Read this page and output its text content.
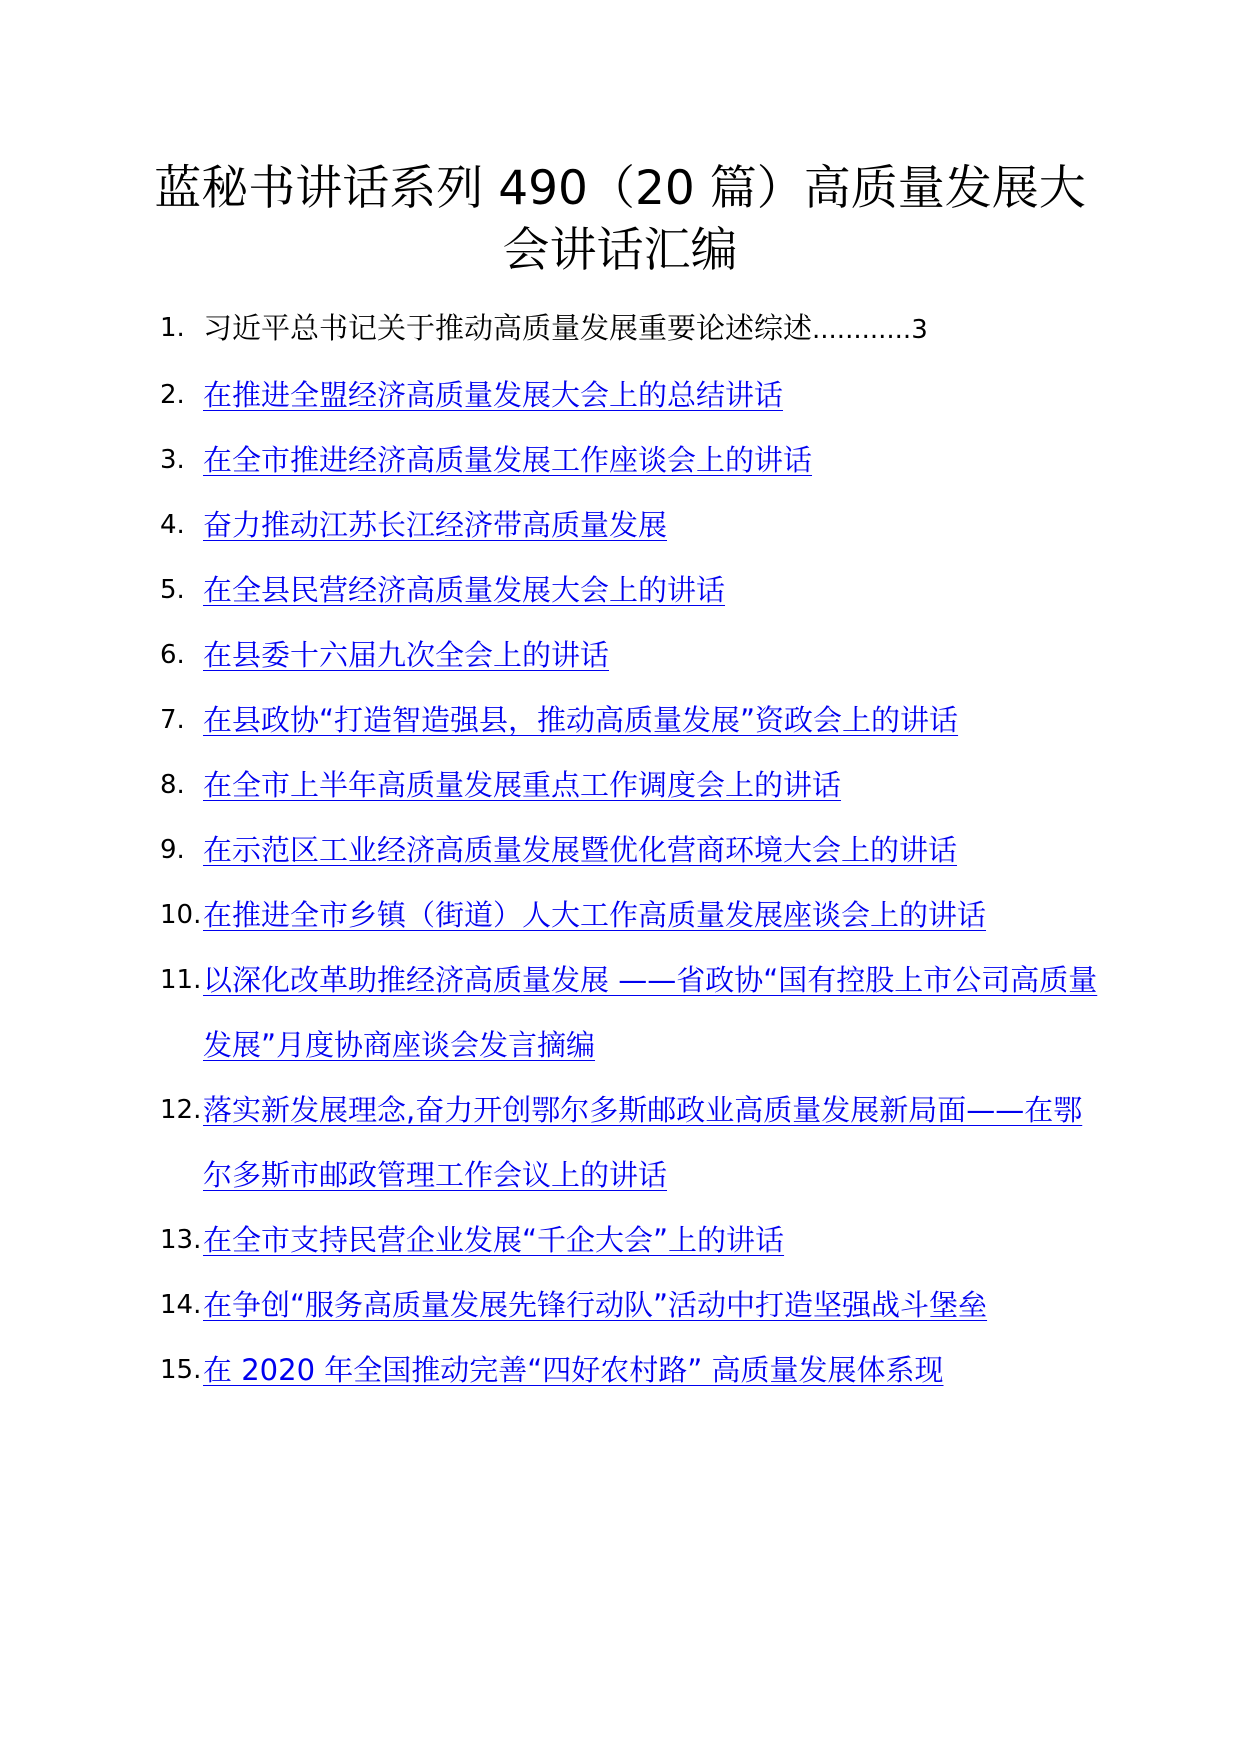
蓝秘书讲话系列 490（20 篇）高质量发展大
会讲话汇编
1. 习近平总书记关于推动高质量发展重要论述综述............3
2. 在推进全盟经济高质量发展大会上的总结讲话
3. 在全市推进经济高质量发展工作座谈会上的讲话
4. 奋力推动江苏长江经济带高质量发展
5. 在全县民营经济高质量发展大会上的讲话
6. 在县委十六届九次全会上的讲话
7. 在县政协“打造智造强县，推动高质量发展”资政会上的讲话
8. 在全市上半年高质量发展重点工作调度会上的讲话
9. 在示范区工业经济高质量发展暨优化营商环境大会上的讲话
10. 在推进全市乡镇（街道）人大工作高质量发展座谈会上的讲话
11. 以深化改革助推经济高质量发展 ——省政协“国有控股上市公司高质量发展”月度协商座谈会发言摘编
12. 落实新发展理念,奋力开创鄂尔多斯邮政业高质量发展新局面——在鄂尔多斯市邮政管理工作会议上的讲话
13. 在全市支持民营企业发展“千企大会”上的讲话
14. 在争创“服务高质量发展先锋行动队”活动中打造坚强战斗堡垒
15. 在 2020 年全国推动完善“四好农村路” 高质量发展体系现
